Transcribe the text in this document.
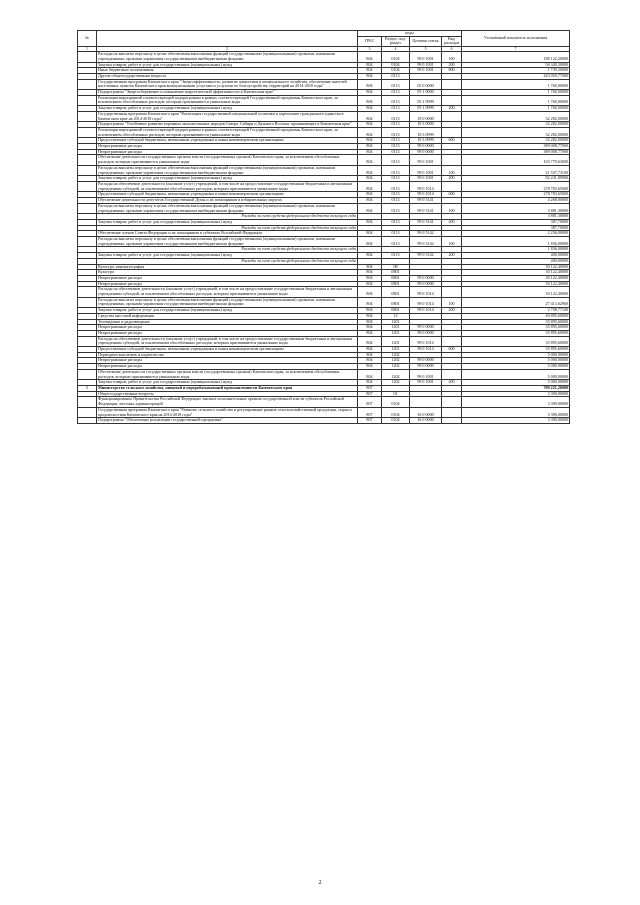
№		коды				Уточнённый показатель исполнения
		ГРБС	Раздел, под-раздел	Целевая статья	Вид расходов	
1	2	3	4	5	6	7
	Расходы на выплаты персоналу в целях обеспечения выполнения функций государственными (муниципальными) органами, казенными учреждениями, органами управления государственными внебюджетными фондами	804	0104	99 0 1001	100	188 122,20000
	Закупка товаров, работ и услуг для государственных (муниципальных) нужд	804	0104	99 0 1001	200	94 349,30000
	Иные бюджетные ассигнования	804	0104	99 0 1001	800	1 739,50000
	Другие общегосударственные вопросы	804	0113			423 050,77000
	Государственная программа Камчатского края "Энергоэффективность, развитие энергетики и коммунального хозяйства, обеспечение жителей населенных пунктов Камчатского края коммунальными услугами и услугами по благоустройству территорий на 2014-2018 годы"	804	0113	05 0 0000		1 760,00000
	Подпрограмма "Энергосбережение и повышение энергетической эффективности в Камчатском крае"	804	0113	05 1 0000		1 760,00000
	Реализация мероприятий соответствующей подпрограммы в рамках соответствующей Государственной программы Камчатского края, за исключением обособленных расходов, которым присваиваются уникальные коды	804	0113	05 1 0999		1 760,00000
	Закупка товаров, работ и услуг для государственных (муниципальных) нужд	804	0113	05 1 0999	200	1 760,00000
	Государственная программа Камчатского края "Реализация государственной национальной политики и укрепление гражданского единства в Камчатском крае на 2014-2018 годы"	804	0113	18 0 0000		32 282,00000
	Подпрограмма "Устойчивое развитие коренных малочисленных народов Севера, Сибири и Дальнего Востока, проживающих в Камчатском крае"	804	0113	18 3 0000		32 282,00000
	Реализация мероприятий соответствующей подпрограммы в рамках соответствующей Государственной программы Камчатского края, за исключением обособленных расходов, которым присваиваются уникальные коды	804	0113	18 3 0999		32 282,00000
	Предоставление субсидий бюджетным, автономным учреждениям и иным некоммерческим организациям	804	0113	18 3 0999	600	32 282,00000
	Непрограммные расходы	804	0113	99 0 0000		389 008,77000
	Непрограммные расходы	804	0113	99 0 0000		389 008,77000
	Обеспечение деятельности государственных органов власти (государственных органов) Камчатского края, за исключением обособленных расходов, которым присваиваются уникальные коды	804	0113	99 0 1001		103 779,63000
	Расходы на выплаты персоналу в целях обеспечения выполнения функций государственными (муниципальными) органами, казенными учреждениями, органами управления государственными внебюджетными фондами	804	0113	99 0 1001	100	21 537,73100
	Закупка товаров, работ и услуг для государственных (муниципальных) нужд	804	0113	99 0 1001	200	82 241,89900
	Расходы на обеспечение деятельности (оказание услуг) учреждений, в том числе на предоставление государственным бюджетным и автономным учреждениям субсидий, за исключением обособленных расходов, которым присваиваются уникальные коды	804	0113	99 0 1014		278 783,65000
	Предоставление субсидий бюджетным, автономным учреждениям и иным некоммерческим организациям	804	0113	99 0 1014	600	278 783,65000
	Обеспечение деятельности депутатов Государственной Думы и их помощников в избирательных округах	804	0113	99 0 5141		4 268,00000
	Расходы на выплаты персоналу в целях обеспечения выполнения функций государственными (муниципальными) органами, казенными учреждениями, органами управления государственными внебюджетными фондами	804	0113	99 0 5141	100	3 881,30000
	Расходы за счет средств федерального бюджета текущего года					3 881,30000
	Закупка товаров, работ и услуг для государственных (муниципальных) нужд	804	0113	99 0 5141	200	387,70000
	Расходы за счет средств федерального бюджета текущего года					387,70000
	Обеспечение членов Совета Федерации и их помощников в субъектах Российской Федерации	804	0113	99 0 5142		2 236,00000
	Расходы на выплаты персоналу в целях обеспечения выполнения функций государственными (муниципальными) органами, казенными учреждениями, органами управления государственными внебюджетными фондами	804	0113	99 0 5142	100	1 836,00000
	Расходы за счет средств федерального бюджета текущего года					1 836,00000
	Закупка товаров, работ и услуг для государственных (муниципальных) нужд	804	0113	99 0 5142	200	400,00000
	Расходы за счет средств федерального бюджета текущего года					400,00000
	Культура, кинематография	804	08			30 122,40000
	Культура	804	0801			30 122,40000
	Непрограммные расходы	804	0801	99 0 0000		30 122,40000
	Непрограммные расходы	804	0801	99 0 0000		30 122,40000
	Расходы на обеспечение деятельности (оказание услуг) учреждений, в том числе на предоставление государственным бюджетным и автономным учреждениям субсидий, за исключением обособленных расходов, которым присваиваются уникальные коды	804	0801	99 0 1014		30 122,40000
	Расходы на выплаты персоналу в целях обеспечения выполнения функций государственными (муниципальными) органами, казенными учреждениями, органами управления государственными внебюджетными фондами	804	0801	99 0 1014	100	27 413,62960
	Закупка товаров, работ и услуг для государственных (муниципальных) нужд	804	0801	99 0 1014	200	2 708,77100
	Средства массовой информации	804	12			40 895,60000
	Телевидение и радиовещание	804	1201			35 895,60000
	Непрограммные расходы	804	1201	99 0 0000		35 895,60000
	Непрограммные расходы	804	1201	99 0 0000		35 895,60000
	Расходы на обеспечение деятельности (оказание услуг) учреждений, в том числе на предоставление государственным бюджетным и автономным учреждениям субсидий, за исключением обособленных расходов, которым присваиваются уникальные коды	804	1201	99 0 1014		35 895,60000
	Предоставление субсидий бюджетным, автономным учреждениям и иным некоммерческим организациям	804	1201	99 0 1014	600	35 895,60000
	Периодическая печать и издательства	804	1202			5 000,00000
	Непрограммные расходы	804	1202	99 0 0000		5 000,00000
	Непрограммные расходы	804	1202	99 0 0000		5 000,00000
	Обеспечение деятельности государственных органов власти (государственных органов) Камчатского края, за исключением обособленных расходов, которым присваиваются уникальные коды	804	1202	99 0 1001		5 000,00000
	Закупка товаров, работ и услуг для государственных (муниципальных) нужд	804	1202	99 0 1001	200	5 000,00000
5	Министерство сельского хозяйства, пищевой и перерабатывающей промышленности Камчатского края	807				709 221,26000
	Общегосударственные вопросы	807	01			3 390,00000
	Функционирование Правительства Российской Федерации, высших исполнительных органов государственной власти субъектов Российской Федерации, местных администраций	807	0104			3 390,00000
	Государственная программа Камчатского края "Развитие сельского хозяйства и регулирование рынков сельскохозяйственной продукции, сырья и продовольствия Камчатского края на 2014-2018 годы"	807	0104	16 0 0000		3 390,00000
	Подпрограмма "Обеспечение реализации государственной программы"	807	0104	16 0 0000		3 390,00000
2
